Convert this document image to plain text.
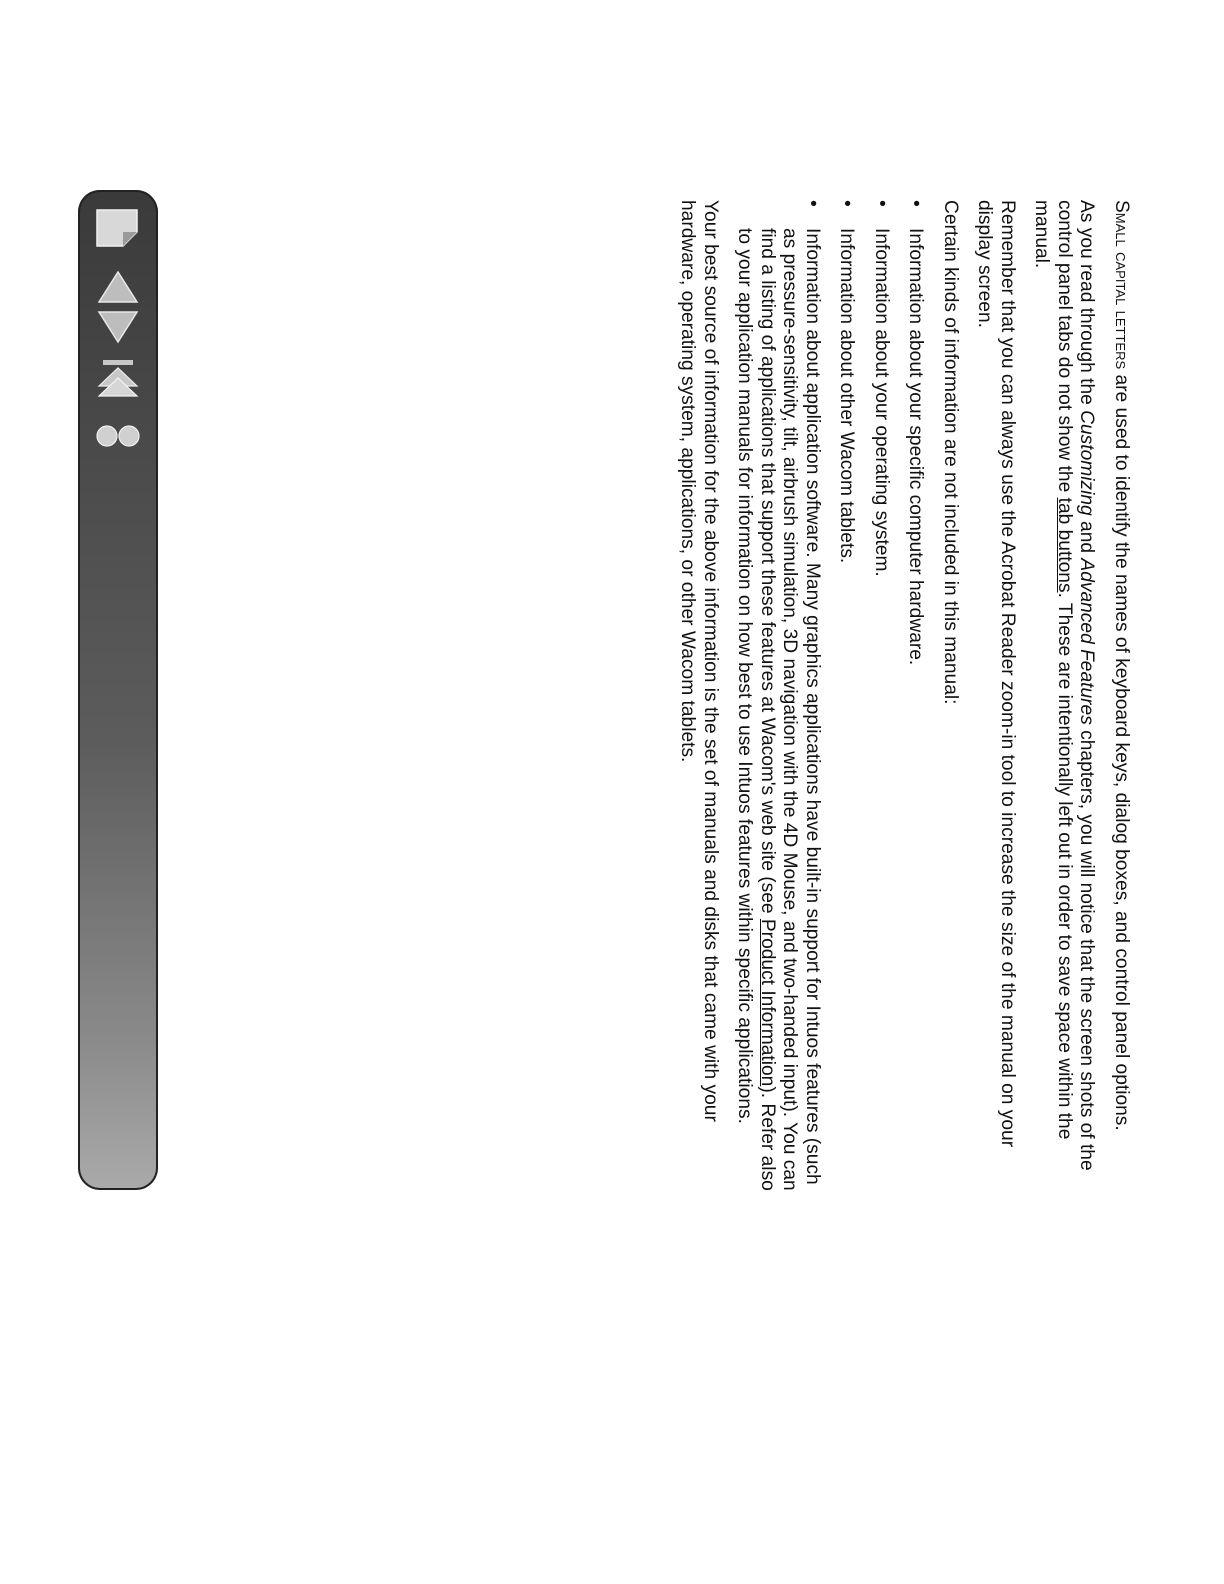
Small capital letters are used to identify the names of keyboard keys, dialog boxes, and control panel options.

As you read through the Customizing and Advanced Features chapters, you will notice that the screen shots of the control panel tabs do not show the tab buttons. These are intentionally left out in order to save space within the manual.

Remember that you can always use the Acrobat Reader zoom-in tool to increase the size of the manual on your display screen.

Certain kinds of information are not included in this manual:

• Information about your specific computer hardware.
• Information about your operating system.
• Information about other Wacom tablets.
• Information about application software. Many graphics applications have built-in support for Intuos features (such as pressure-sensitivity, tilt, airbrush simulation, 3D navigation with the 4D Mouse, and two-handed input). You can find a listing of applications that support these features at Wacom's web site (see Product Information). Refer also to your application manuals for information on how best to use Intuos features within specific applications.

Your best source of information for the above information is the set of manuals and disks that came with your hardware, operating system, applications, or other Wacom tablets.
